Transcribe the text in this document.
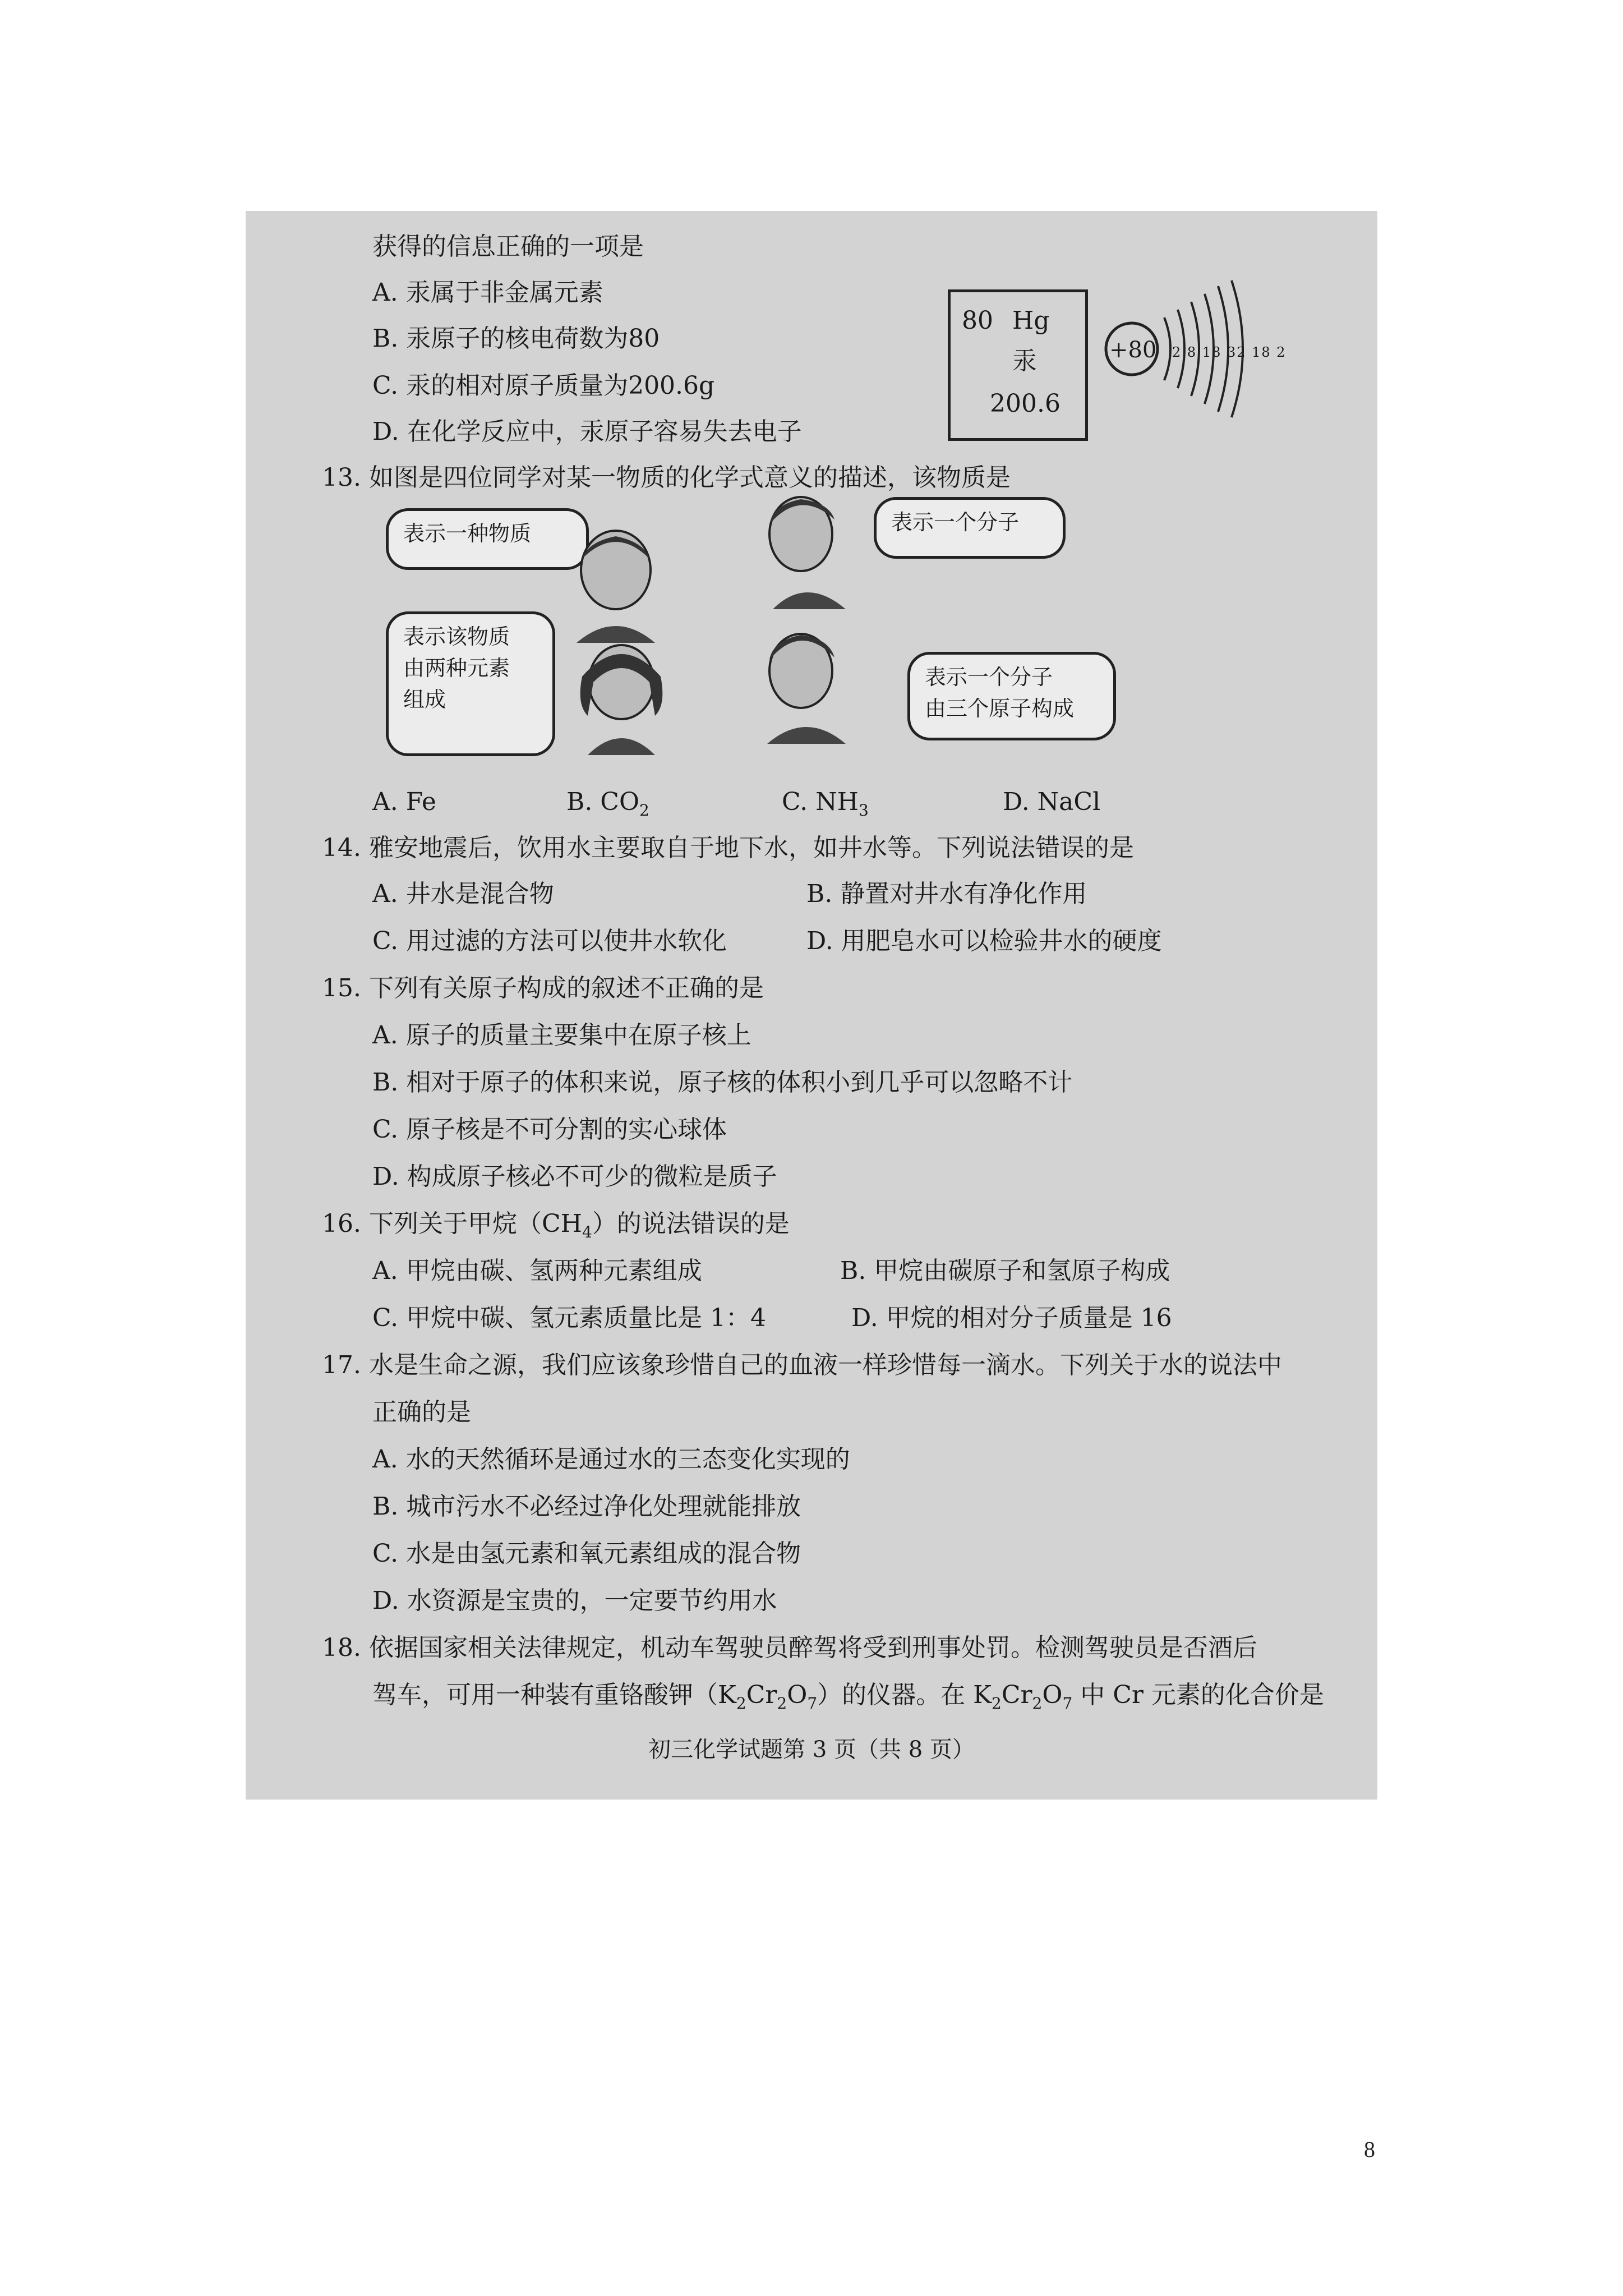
获得的信息正确的一项是
A. 汞属于非金属元素
B. 汞原子的核电荷数为80
C. 汞的相对原子质量为200.6g
D. 在化学反应中，汞原子容易失去电子
80 Hg
汞
200.6
+80 2 8 18 32 18 2
13. 如图是四位同学对某一物质的化学式意义的描述，该物质是
表示一种物质	表示一个分子
表示该物质
由两种元素
组成
表示一个分子
由三个原子构成
A. Fe	B. $CO_2$	C. $NH_3$	D. NaCl
14. 雅安地震后，饮用水主要取自于地下水，如井水等。下列说法错误的是
A. 井水是混合物	B. 静置对井水有净化作用
C. 用过滤的方法可以使井水软化	D. 用肥皂水可以检验井水的硬度
15. 下列有关原子构成的叙述不正确的是
A. 原子的质量主要集中在原子核上
B. 相对于原子的体积来说，原子核的体积小到几乎可以忽略不计
C. 原子核是不可分割的实心球体
D. 构成原子核必不可少的微粒是质子
16. 下列关于甲烷$(CH_4)$的说法错误的是
A. 甲烷由碳、氢两种元素组成	B. 甲烷由碳原子和氢原子构成
C. 甲烷中碳、氢元素质量比是 1：4	D. 甲烷的相对分子质量是 16
17. 水是生命之源，我们应该象珍惜自己的血液一样珍惜每一滴水。下列关于水的说法中
正确的是
A. 水的天然循环是通过水的三态变化实现的
B. 城市污水不必经过净化处理就能排放
C. 水是由氢元素和氧元素组成的混合物
D. 水资源是宝贵的，一定要节约用水
18. 依据国家相关法律规定，机动车驾驶员醉驾将受到刑事处罚。检测驾驶员是否酒后
驾车，可用一种装有重铬酸钾$(K_2Cr_2O_7)$的仪器。在 $K_2Cr_2O_7$ 中 Cr 元素的化合价是
初三化学试题第 3 页（共 8 页）
8
